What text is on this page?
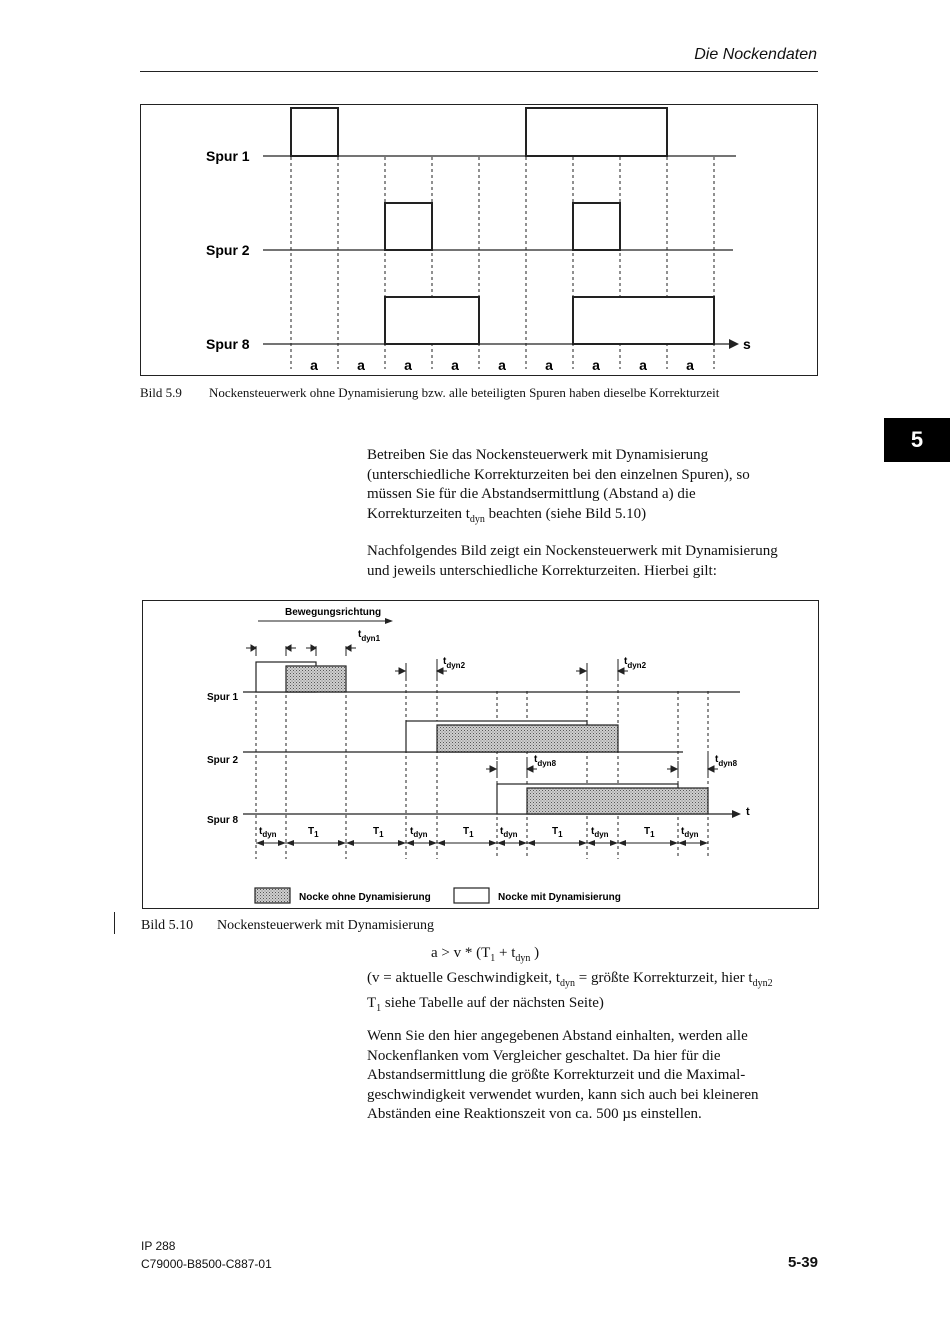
Die Nockendaten
5
Spur 1
Spur 2
Spur 8	s
a	a	a	a	a	a	a	a	a
Bild 5.9 Nockensteuerwerk ohne Dynamisierung bzw. alle beteiligten Spuren haben dieselbe Korrekturzeit
Betreiben Sie das Nockensteuerwerk mit Dynamisierung
(unterschiedliche Korrekturzeiten bei den einzelnen Spuren), so
müssen Sie für die Abstandsermittlung (Abstand a) die
Korrekturzeiten $t_{dyn}$ beachten (siehe Bild 5.10)
Nachfolgendes Bild zeigt ein Nockensteuerwerk mit Dynamisierung
und jeweils unterschiedliche Korrekturzeiten. Hierbei gilt:
Bewegungsrichtung
Spur 1
Spur 2
Spur 8
t
$t_{dyn1}$
$t_{dyn2}$	$t_{dyn2}$
$t_{dyn8}$	$t_{dyn8}$
$t_{dyn}$	$T_1$	$T_1$	$t_{dyn}$	$T_1$	$t_{dyn}$	$T_1$	$t_{dyn}$	$T_1$	$t_{dyn}$
Nocke ohne Dynamisierung	Nocke mit Dynamisierung
Bild 5.10 Nockensteuerwerk mit Dynamisierung
$a > v * (T_1 + t_{dyn}$ )
(v = aktuelle Geschwindigkeit, $t_{dyn}$ = größte Korrekturzeit, hier $t_{dyn2}$
$T_1$ siehe Tabelle auf der nächsten Seite)
Wenn Sie den hier angegebenen Abstand einhalten, werden alle
Nockenflanken vom Vergleicher geschaltet. Da hier für die
Abstandsermittlung die größte Korrekturzeit und die Maximal-
geschwindigkeit verwendet wurden, kann sich auch bei kleineren
Abständen eine Reaktionszeit von ca. 500 µs einstellen.
IP 288
C79000-B8500-C887-01	5-39
